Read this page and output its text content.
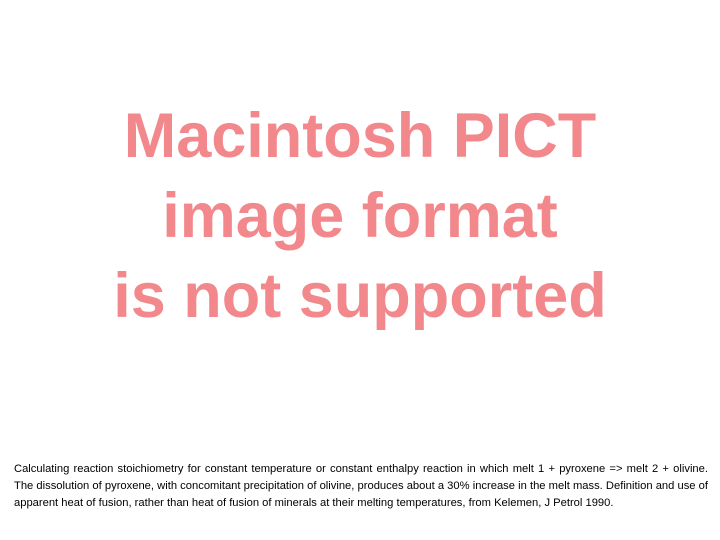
Macintosh PICT
image format
is not supported
Calculating reaction stoichiometry for constant temperature or constant enthalpy reaction in which melt 1 + pyroxene => melt 2 + olivine. The dissolution of pyroxene, with concomitant precipitation of olivine, produces about a 30% increase in the melt mass. Definition and use of apparent heat of fusion, rather than heat of fusion of minerals at their melting temperatures, from Kelemen, J Petrol 1990.
